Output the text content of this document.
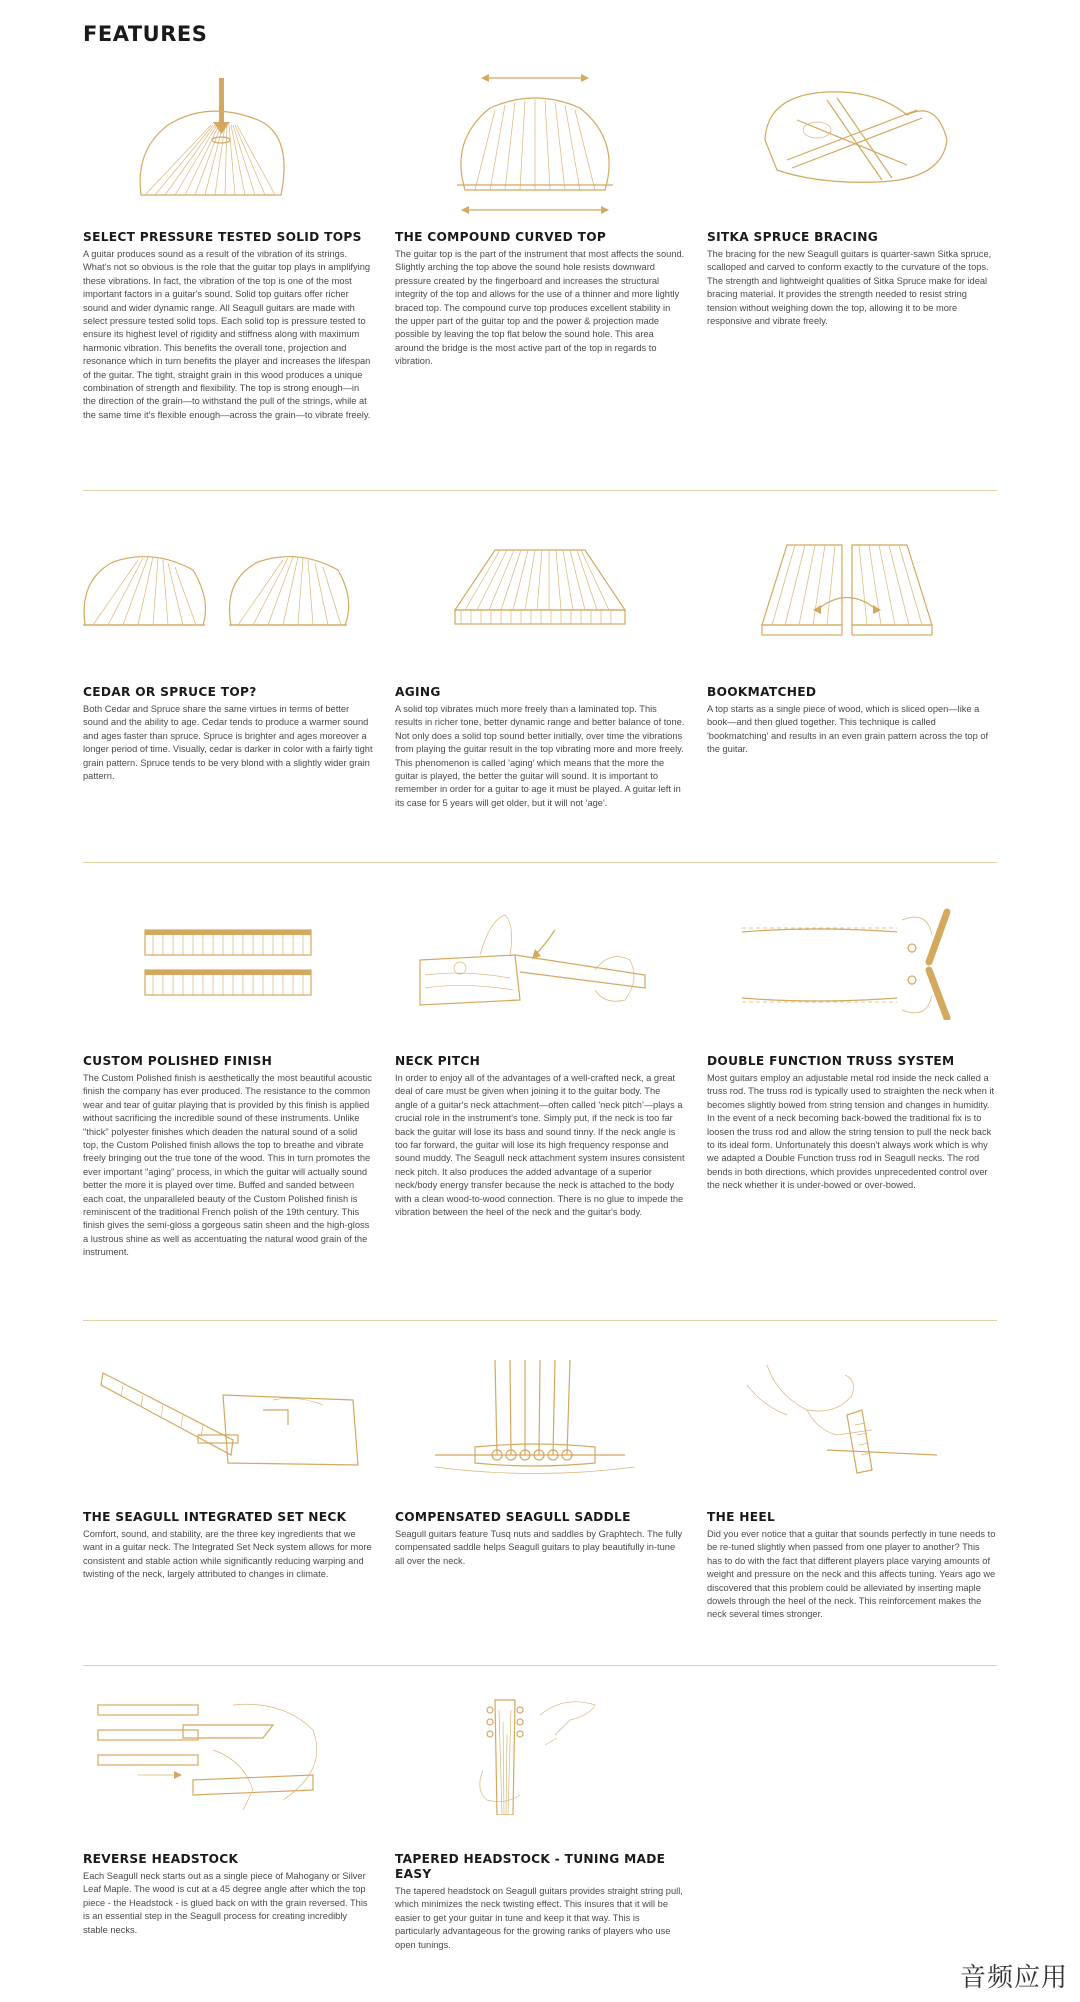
FEATURES
SELECT PRESSURE TESTED SOLID TOPS
A guitar produces sound as a result of the vibration of its strings. What's not so obvious is the role that the guitar top plays in amplifying these vibrations. In fact, the vibration of the top is one of the most important factors in a guitar's sound. Solid top guitars offer richer sound and wider dynamic range. All Seagull guitars are made with select pressure tested solid tops. Each solid top is pressure tested to ensure its highest level of rigidity and stiffness along with maximum harmonic vibration. This benefits the overall tone, projection and resonance which in turn benefits the player and increases the lifespan of the guitar. The tight, straight grain in this wood produces a unique combination of strength and flexibility. The top is strong enough—in the direction of the grain—to withstand the pull of the strings, while at the same time it's flexible enough—across the grain—to vibrate freely.
THE COMPOUND CURVED TOP
The guitar top is the part of the instrument that most affects the sound. Slightly arching the top above the sound hole resists downward pressure created by the fingerboard and increases the structural integrity of the top and allows for the use of a thinner and more lightly braced top. The compound curve top produces excellent stability in the upper part of the guitar top and the power & projection made possible by leaving the top flat below the sound hole. This area around the bridge is the most active part of the top in regards to vibration.
SITKA SPRUCE BRACING
The bracing for the new Seagull guitars is quarter-sawn Sitka spruce, scalloped and carved to conform exactly to the curvature of the tops. The strength and lightweight qualities of Sitka Spruce make for ideal bracing material. It provides the strength needed to resist string tension without weighing down the top, allowing it to be more responsive and vibrate freely.
CEDAR OR SPRUCE TOP?
Both Cedar and Spruce share the same virtues in terms of better sound and the ability to age. Cedar tends to produce a warmer sound and ages faster than spruce. Spruce is brighter and ages moreover a longer period of time. Visually, cedar is darker in color with a fairly tight grain pattern. Spruce tends to be very blond with a slightly wider grain pattern.
AGING
A solid top vibrates much more freely than a laminated top. This results in richer tone, better dynamic range and better balance of tone. Not only does a solid top sound better initially, over time the vibrations from playing the guitar result in the top vibrating more and more freely. This phenomenon is called 'aging' which means that the more the guitar is played, the better the guitar will sound. It is important to remember in order for a guitar to age it must be played. A guitar left in its case for 5 years will get older, but it will not 'age'.
BOOKMATCHED
A top starts as a single piece of wood, which is sliced open—like a book—and then glued together. This technique is called 'bookmatching' and results in an even grain pattern across the top of the guitar.
CUSTOM POLISHED FINISH
The Custom Polished finish is aesthetically the most beautiful acoustic finish the company has ever produced. The resistance to the common wear and tear of guitar playing that is provided by this finish is applied without sacrificing the incredible sound of these instruments. Unlike "thick" polyester finishes which deaden the natural sound of a solid top, the Custom Polished finish allows the top to breathe and vibrate freely bringing out the true tone of the wood. This in turn promotes the ever important "aging" process, in which the guitar will actually sound better the more it is played over time. Buffed and sanded between each coat, the unparalleled beauty of the Custom Polished finish is reminiscent of the traditional French polish of the 19th century. This finish gives the semi-gloss a gorgeous satin sheen and the high-gloss a lustrous shine as well as accentuating the natural wood grain of the instrument.
NECK PITCH
In order to enjoy all of the advantages of a well-crafted neck, a great deal of care must be given when joining it to the guitar body. The angle of a guitar's neck attachment—often called 'neck pitch'—plays a crucial role in the instrument's tone. Simply put, if the neck is too far back the guitar will lose its bass and sound tinny. If the neck angle is too far forward, the guitar will lose its high frequency response and sound muddy. The Seagull neck attachment system insures consistent neck pitch. It also produces the added advantage of a superior neck/body energy transfer because the neck is attached to the body with a clean wood-to-wood connection. There is no glue to impede the vibration between the heel of the neck and the guitar's body.
DOUBLE FUNCTION TRUSS SYSTEM
Most guitars employ an adjustable metal rod inside the neck called a truss rod. The truss rod is typically used to straighten the neck when it becomes slightly bowed from string tension and changes in humidity. In the event of a neck becoming back-bowed the traditional fix is to loosen the truss rod and allow the string tension to pull the neck back to its ideal form. Unfortunately this doesn't always work which is why we adapted a Double Function truss rod in Seagull necks. The rod bends in both directions, which provides unprecedented control over the neck whether it is under-bowed or over-bowed.
THE SEAGULL INTEGRATED SET NECK
Comfort, sound, and stability, are the three key ingredients that we want in a guitar neck. The Integrated Set Neck system allows for more consistent and stable action while significantly reducing warping and twisting of the neck, largely attributed to changes in climate.
COMPENSATED SEAGULL SADDLE
Seagull guitars feature Tusq nuts and saddles by Graphtech. The fully compensated saddle helps Seagull guitars to play beautifully in-tune all over the neck.
THE HEEL
Did you ever notice that a guitar that sounds perfectly in tune needs to be re-tuned slightly when passed from one player to another? This has to do with the fact that different players place varying amounts of weight and pressure on the neck and this affects tuning. Years ago we discovered that this problem could be alleviated by inserting maple dowels through the heel of the neck. This reinforcement makes the neck several times stronger.
REVERSE HEADSTOCK
Each Seagull neck starts out as a single piece of Mahogany or Silver Leaf Maple. The wood is cut at a 45 degree angle after which the top piece - the Headstock - is glued back on with the grain reversed. This is an essential step in the Seagull process for creating incredibly stable necks.
TAPERED HEADSTOCK - TUNING MADE EASY
The tapered headstock on Seagull guitars provides straight string pull, which minimizes the neck twisting effect. This insures that it will be easier to get your guitar in tune and keep it that way. This is particularly advantageous for the growing ranks of players who use open tunings.
音频应用
